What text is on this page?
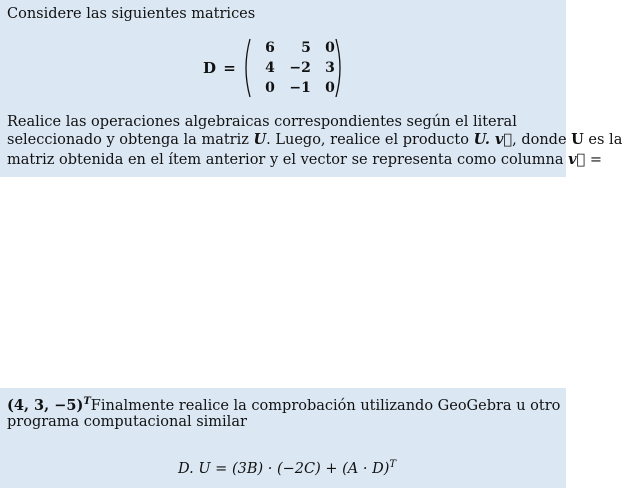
Considere las siguientes matrices
D =
6	5	0
4	−2	3
0	−1	0
Realice las operaciones algebraicas correspondientes según el literal
seleccionado y obtenga la matriz U. Luego, realice el producto U. v⃗, donde U es la
matriz obtenida en el ítem anterior y el vector se representa como columna v⃗ =
(4, 3, −5)$^T$Finalmente realice la comprobación utilizando GeoGebra u otro
programa computacional similar
D. $U = (3B) \cdot (-2C) + (A \cdot D)^T$
